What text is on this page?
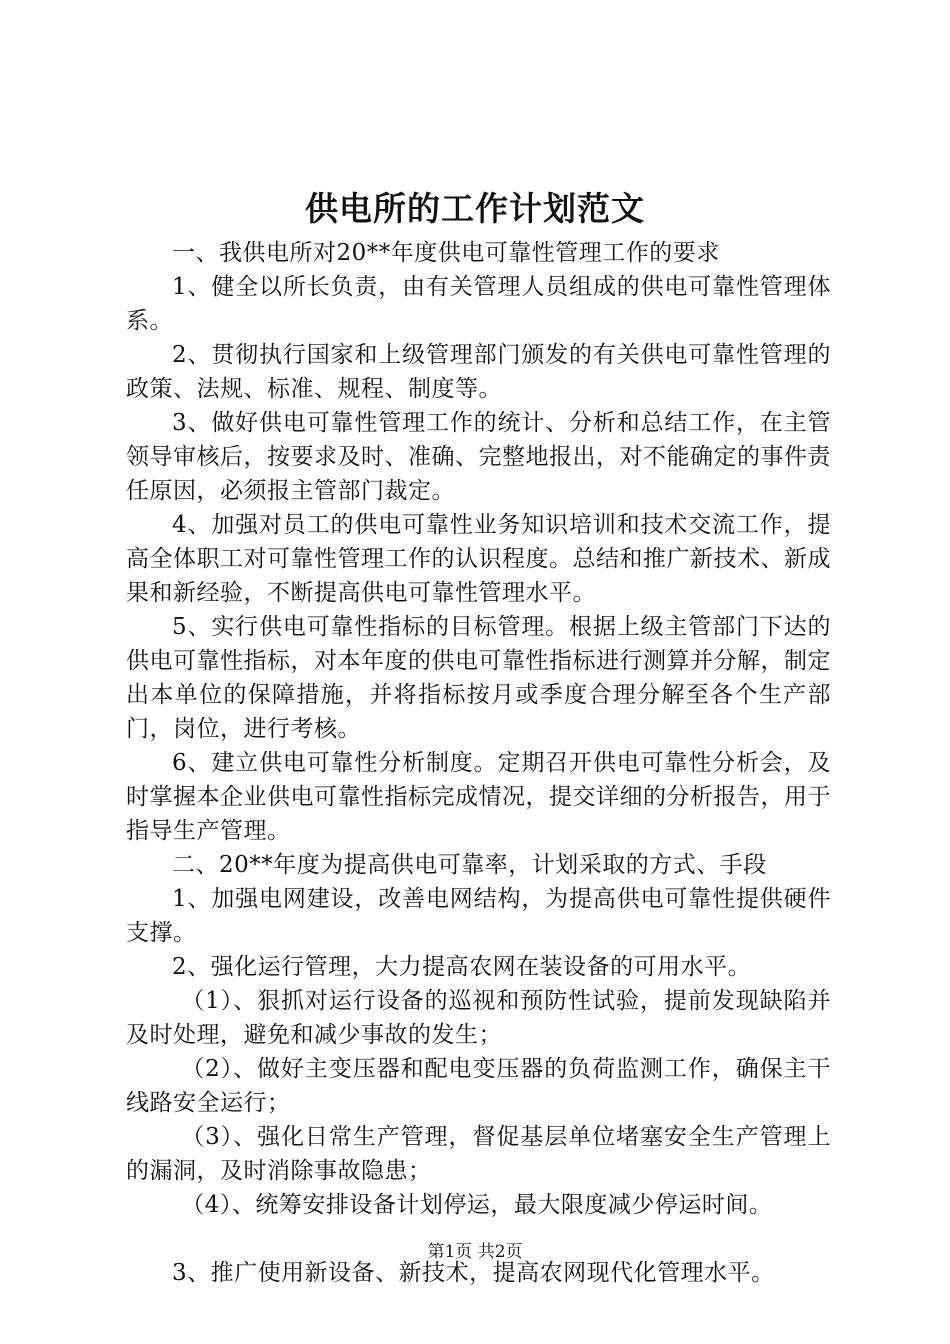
供电所的工作计划范文

一、我供电所对20**年度供电可靠性管理工作的要求

1、健全以所长负责，由有关管理人员组成的供电可靠性管理体系。

2、贯彻执行国家和上级管理部门颁发的有关供电可靠性管理的政策、法规、标准、规程、制度等。

3、做好供电可靠性管理工作的统计、分析和总结工作，在主管领导审核后，按要求及时、准确、完整地报出，对不能确定的事件责任原因，必须报主管部门裁定。

4、加强对员工的供电可靠性业务知识培训和技术交流工作，提高全体职工对可靠性管理工作的认识程度。总结和推广新技术、新成果和新经验，不断提高供电可靠性管理水平。

5、实行供电可靠性指标的目标管理。根据上级主管部门下达的供电可靠性指标，对本年度的供电可靠性指标进行测算并分解，制定出本单位的保障措施，并将指标按月或季度合理分解至各个生产部门，岗位，进行考核。

6、建立供电可靠性分析制度。定期召开供电可靠性分析会，及时掌握本企业供电可靠性指标完成情况，提交详细的分析报告，用于指导生产管理。

二、20**年度为提高供电可靠率，计划采取的方式、手段

1、加强电网建设，改善电网结构，为提高供电可靠性提供硬件支撑。

2、强化运行管理，大力提高农网在装设备的可用水平。

（1）、狠抓对运行设备的巡视和预防性试验，提前发现缺陷并及时处理，避免和减少事故的发生；

（2）、做好主变压器和配电变压器的负荷监测工作，确保主干线路安全运行；

（3）、强化日常生产管理，督促基层单位堵塞安全生产管理上的漏洞，及时消除事故隐患；

（4）、统筹安排设备计划停运，最大限度减少停运时间。

3、推广使用新设备、新技术，提高农网现代化管理水平。

第1页 共2页
